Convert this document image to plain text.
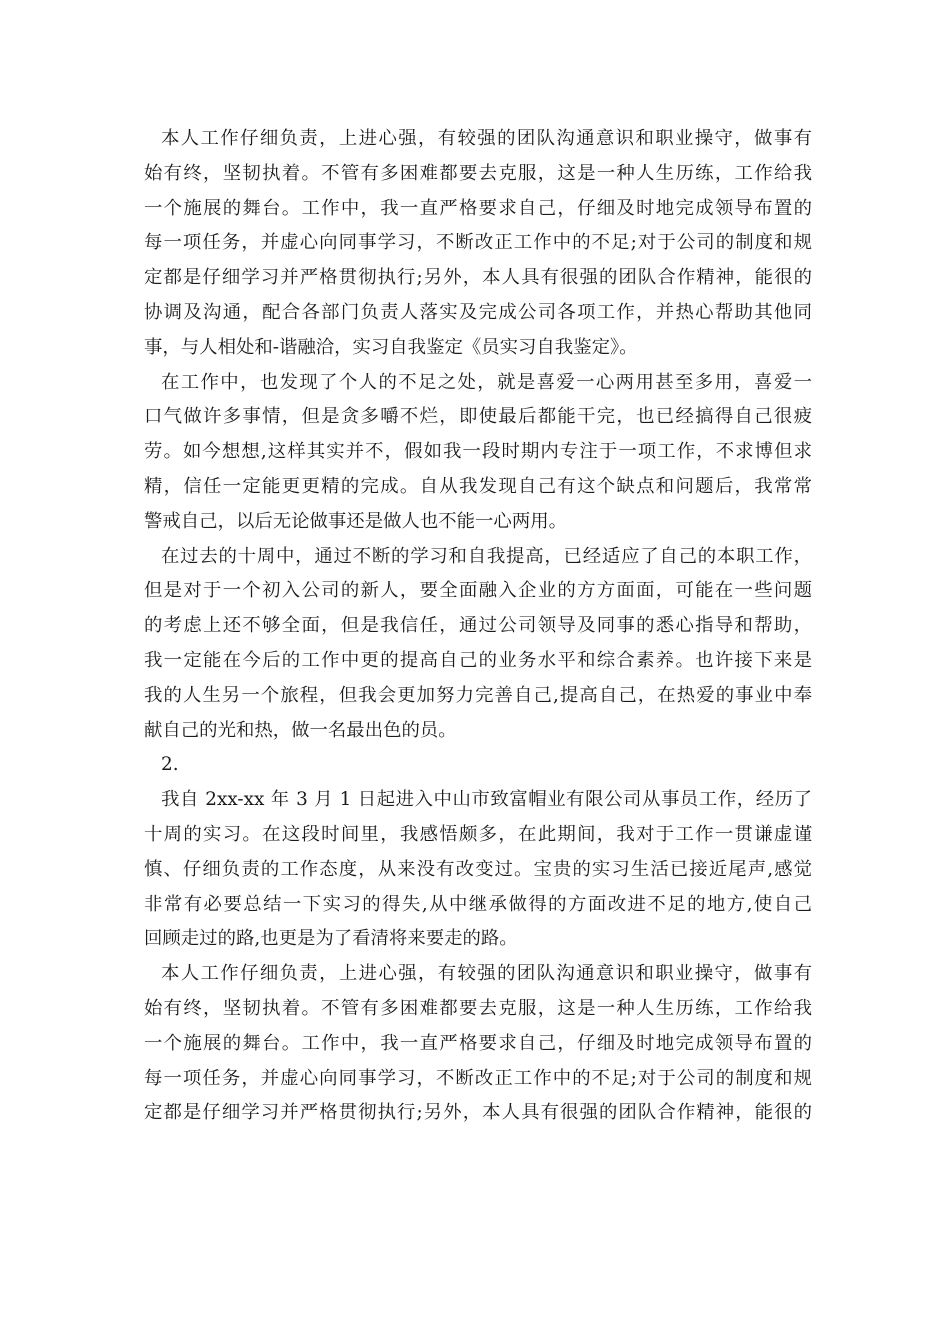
本人工作仔细负责，上进心强，有较强的团队沟通意识和职业操守，做事有
始有终，坚韧执着。不管有多困难都要去克服，这是一种人生历练，工作给我
一个施展的舞台。工作中，我一直严格要求自己，仔细及时地完成领导布置的
每一项任务，并虚心向同事学习，不断改正工作中的不足;对于公司的制度和规
定都是仔细学习并严格贯彻执行;另外，本人具有很强的团队合作精神，能很的
协调及沟通，配合各部门负责人落实及完成公司各项工作，并热心帮助其他同
事，与人相处和-谐融洽，实习自我鉴定《员实习自我鉴定》。
在工作中，也发现了个人的不足之处，就是喜爱一心两用甚至多用，喜爱一
口气做许多事情，但是贪多嚼不烂，即使最后都能干完，也已经搞得自己很疲
劳。如今想想,这样其实并不，假如我一段时期内专注于一项工作，不求博但求
精，信任一定能更更精的完成。自从我发现自己有这个缺点和问题后，我常常
警戒自己，以后无论做事还是做人也不能一心两用。
在过去的十周中，通过不断的学习和自我提高，已经适应了自己的本职工作，
但是对于一个初入公司的新人，要全面融入企业的方方面面，可能在一些问题
的考虑上还不够全面，但是我信任，通过公司领导及同事的悉心指导和帮助，
我一定能在今后的工作中更的提高自己的业务水平和综合素养。也许接下来是
我的人生另一个旅程，但我会更加努力完善自己,提高自己，在热爱的事业中奉
献自己的光和热，做一名最出色的员。
2.
我自 2xx-xx 年 3 月 1 日起进入中山市致富帽业有限公司从事员工作，经历了
十周的实习。在这段时间里，我感悟颇多，在此期间，我对于工作一贯谦虚谨
慎、仔细负责的工作态度，从来没有改变过。宝贵的实习生活已接近尾声,感觉
非常有必要总结一下实习的得失,从中继承做得的方面改进不足的地方,使自己
回顾走过的路,也更是为了看清将来要走的路。
本人工作仔细负责，上进心强，有较强的团队沟通意识和职业操守，做事有
始有终，坚韧执着。不管有多困难都要去克服，这是一种人生历练，工作给我
一个施展的舞台。工作中，我一直严格要求自己，仔细及时地完成领导布置的
每一项任务，并虚心向同事学习，不断改正工作中的不足;对于公司的制度和规
定都是仔细学习并严格贯彻执行;另外，本人具有很强的团队合作精神，能很的
